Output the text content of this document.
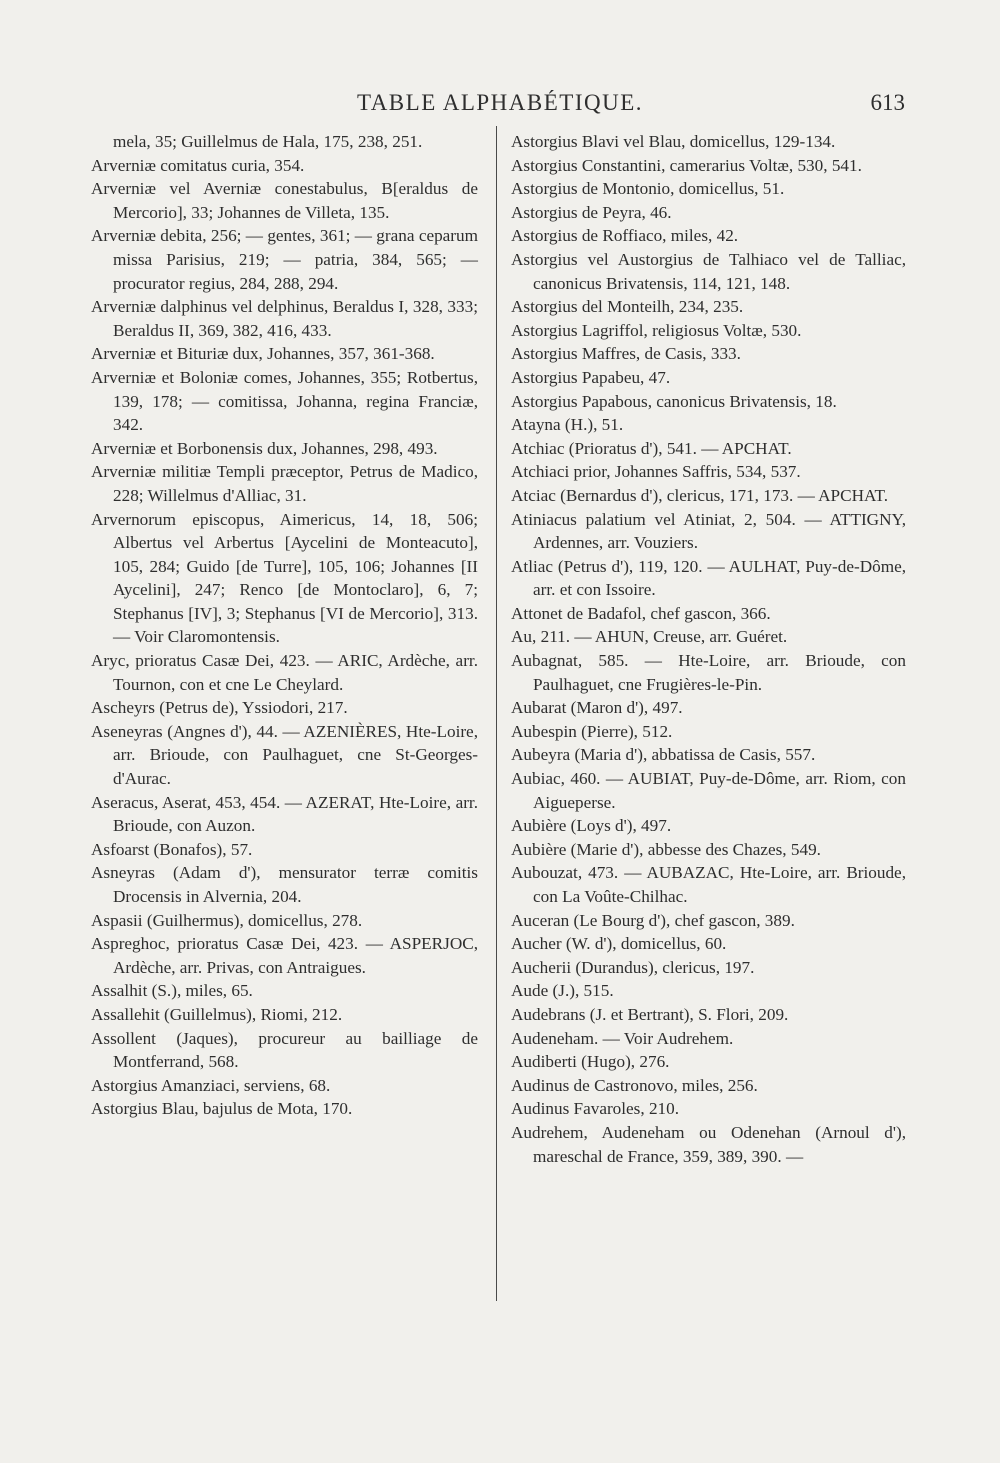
TABLE ALPHABÉTIQUE.	613

mela, 35; Guillelmus de Hala, 175, 238, 251.

Arverniæ comitatus curia, 354.

Arverniæ vel Averniæ conestabulus, B[eraldus de Mercorio], 33; Johannes de Villeta, 135.

Arverniæ debita, 256; — gentes, 361; — grana ceparum missa Parisius, 219; — patria, 384, 565; — procurator regius, 284, 288, 294.

Arverniæ dalphinus vel delphinus, Beraldus I, 328, 333; Beraldus II, 369, 382, 416, 433.

Arverniæ et Bituriæ dux, Johannes, 357, 361-368.

Arverniæ et Boloniæ comes, Johannes, 355; Rotbertus, 139, 178; — comitissa, Johanna, regina Franciæ, 342.

Arverniæ et Borbonensis dux, Johannes, 298, 493.

Arverniæ militiæ Templi præceptor, Petrus de Madico, 228; Willelmus d'Alliac, 31.

Arvernorum episcopus, Aimericus, 14, 18, 506; Albertus vel Arbertus [Aycelini de Monteacuto], 105, 284; Guido [de Turre], 105, 106; Johannes [II Aycelini], 247; Renco [de Montoclaro], 6, 7; Stephanus [IV], 3; Stephanus [VI de Mercorio], 313. — Voir Claromontensis.

Aryc, prioratus Casæ Dei, 423. — ARIC, Ardèche, arr. Tournon, con et cne Le Cheylard.

Ascheyrs (Petrus de), Yssiodori, 217.

Aseneyras (Angnes d'), 44. — AZENIÈRES, Hte-Loire, arr. Brioude, con Paulhaguet, cne St-Georges-d'Aurac.

Aseracus, Aserat, 453, 454. — AZERAT, Hte-Loire, arr. Brioude, con Auzon.

Asfoarst (Bonafos), 57.

Asneyras (Adam d'), mensurator terræ comitis Drocensis in Alvernia, 204.

Aspasii (Guilhermus), domicellus, 278.

Aspreghoc, prioratus Casæ Dei, 423. — ASPERJOC, Ardèche, arr. Privas, con Antraigues.

Assalhit (S.), miles, 65.

Assallehit (Guillelmus), Riomi, 212.

Assollent (Jaques), procureur au bailliage de Montferrand, 568.

Astorgius Amanziaci, serviens, 68.

Astorgius Blau, bajulus de Mota, 170.

Astorgius Blavi vel Blau, domicellus, 129-134.

Astorgius Constantini, camerarius Voltæ, 530, 541.

Astorgius de Montonio, domicellus, 51.

Astorgius de Peyra, 46.

Astorgius de Roffiaco, miles, 42.

Astorgius vel Austorgius de Talhiaco vel de Talliac, canonicus Brivatensis, 114, 121, 148.

Astorgius del Monteilh, 234, 235.

Astorgius Lagriffol, religiosus Voltæ, 530.

Astorgius Maffres, de Casis, 333.

Astorgius Papabeu, 47.

Astorgius Papabous, canonicus Brivatensis, 18.

Atayna (H.), 51.

Atchiac (Prioratus d'), 541. — APCHAT.

Atchiaci prior, Johannes Saffris, 534, 537.

Atciac (Bernardus d'), clericus, 171, 173. — APCHAT.

Atiniacus palatium vel Atiniat, 2, 504. — ATTIGNY, Ardennes, arr. Vouziers.

Atliac (Petrus d'), 119, 120. — AULHAT, Puy-de-Dôme, arr. et con Issoire.

Attonet de Badafol, chef gascon, 366.

Au, 211. — AHUN, Creuse, arr. Guéret.

Aubagnat, 585. — Hte-Loire, arr. Brioude, con Paulhaguet, cne Frugières-le-Pin.

Aubarat (Maron d'), 497.

Aubespin (Pierre), 512.

Aubeyra (Maria d'), abbatissa de Casis, 557.

Aubiac, 460. — AUBIAT, Puy-de-Dôme, arr. Riom, con Aigueperse.

Aubière (Loys d'), 497.

Aubière (Marie d'), abbesse des Chazes, 549.

Aubouzat, 473. — AUBAZAC, Hte-Loire, arr. Brioude, con La Voûte-Chilhac.

Auceran (Le Bourg d'), chef gascon, 389.

Aucher (W. d'), domicellus, 60.

Aucherii (Durandus), clericus, 197.

Aude (J.), 515.

Audebrans (J. et Bertrant), S. Flori, 209.

Audeneham. — Voir Audrehem.

Audiberti (Hugo), 276.

Audinus de Castronovo, miles, 256.

Audinus Favaroles, 210.

Audrehem, Audeneham ou Odenehan (Arnoul d'), mareschal de France, 359, 389, 390. —
